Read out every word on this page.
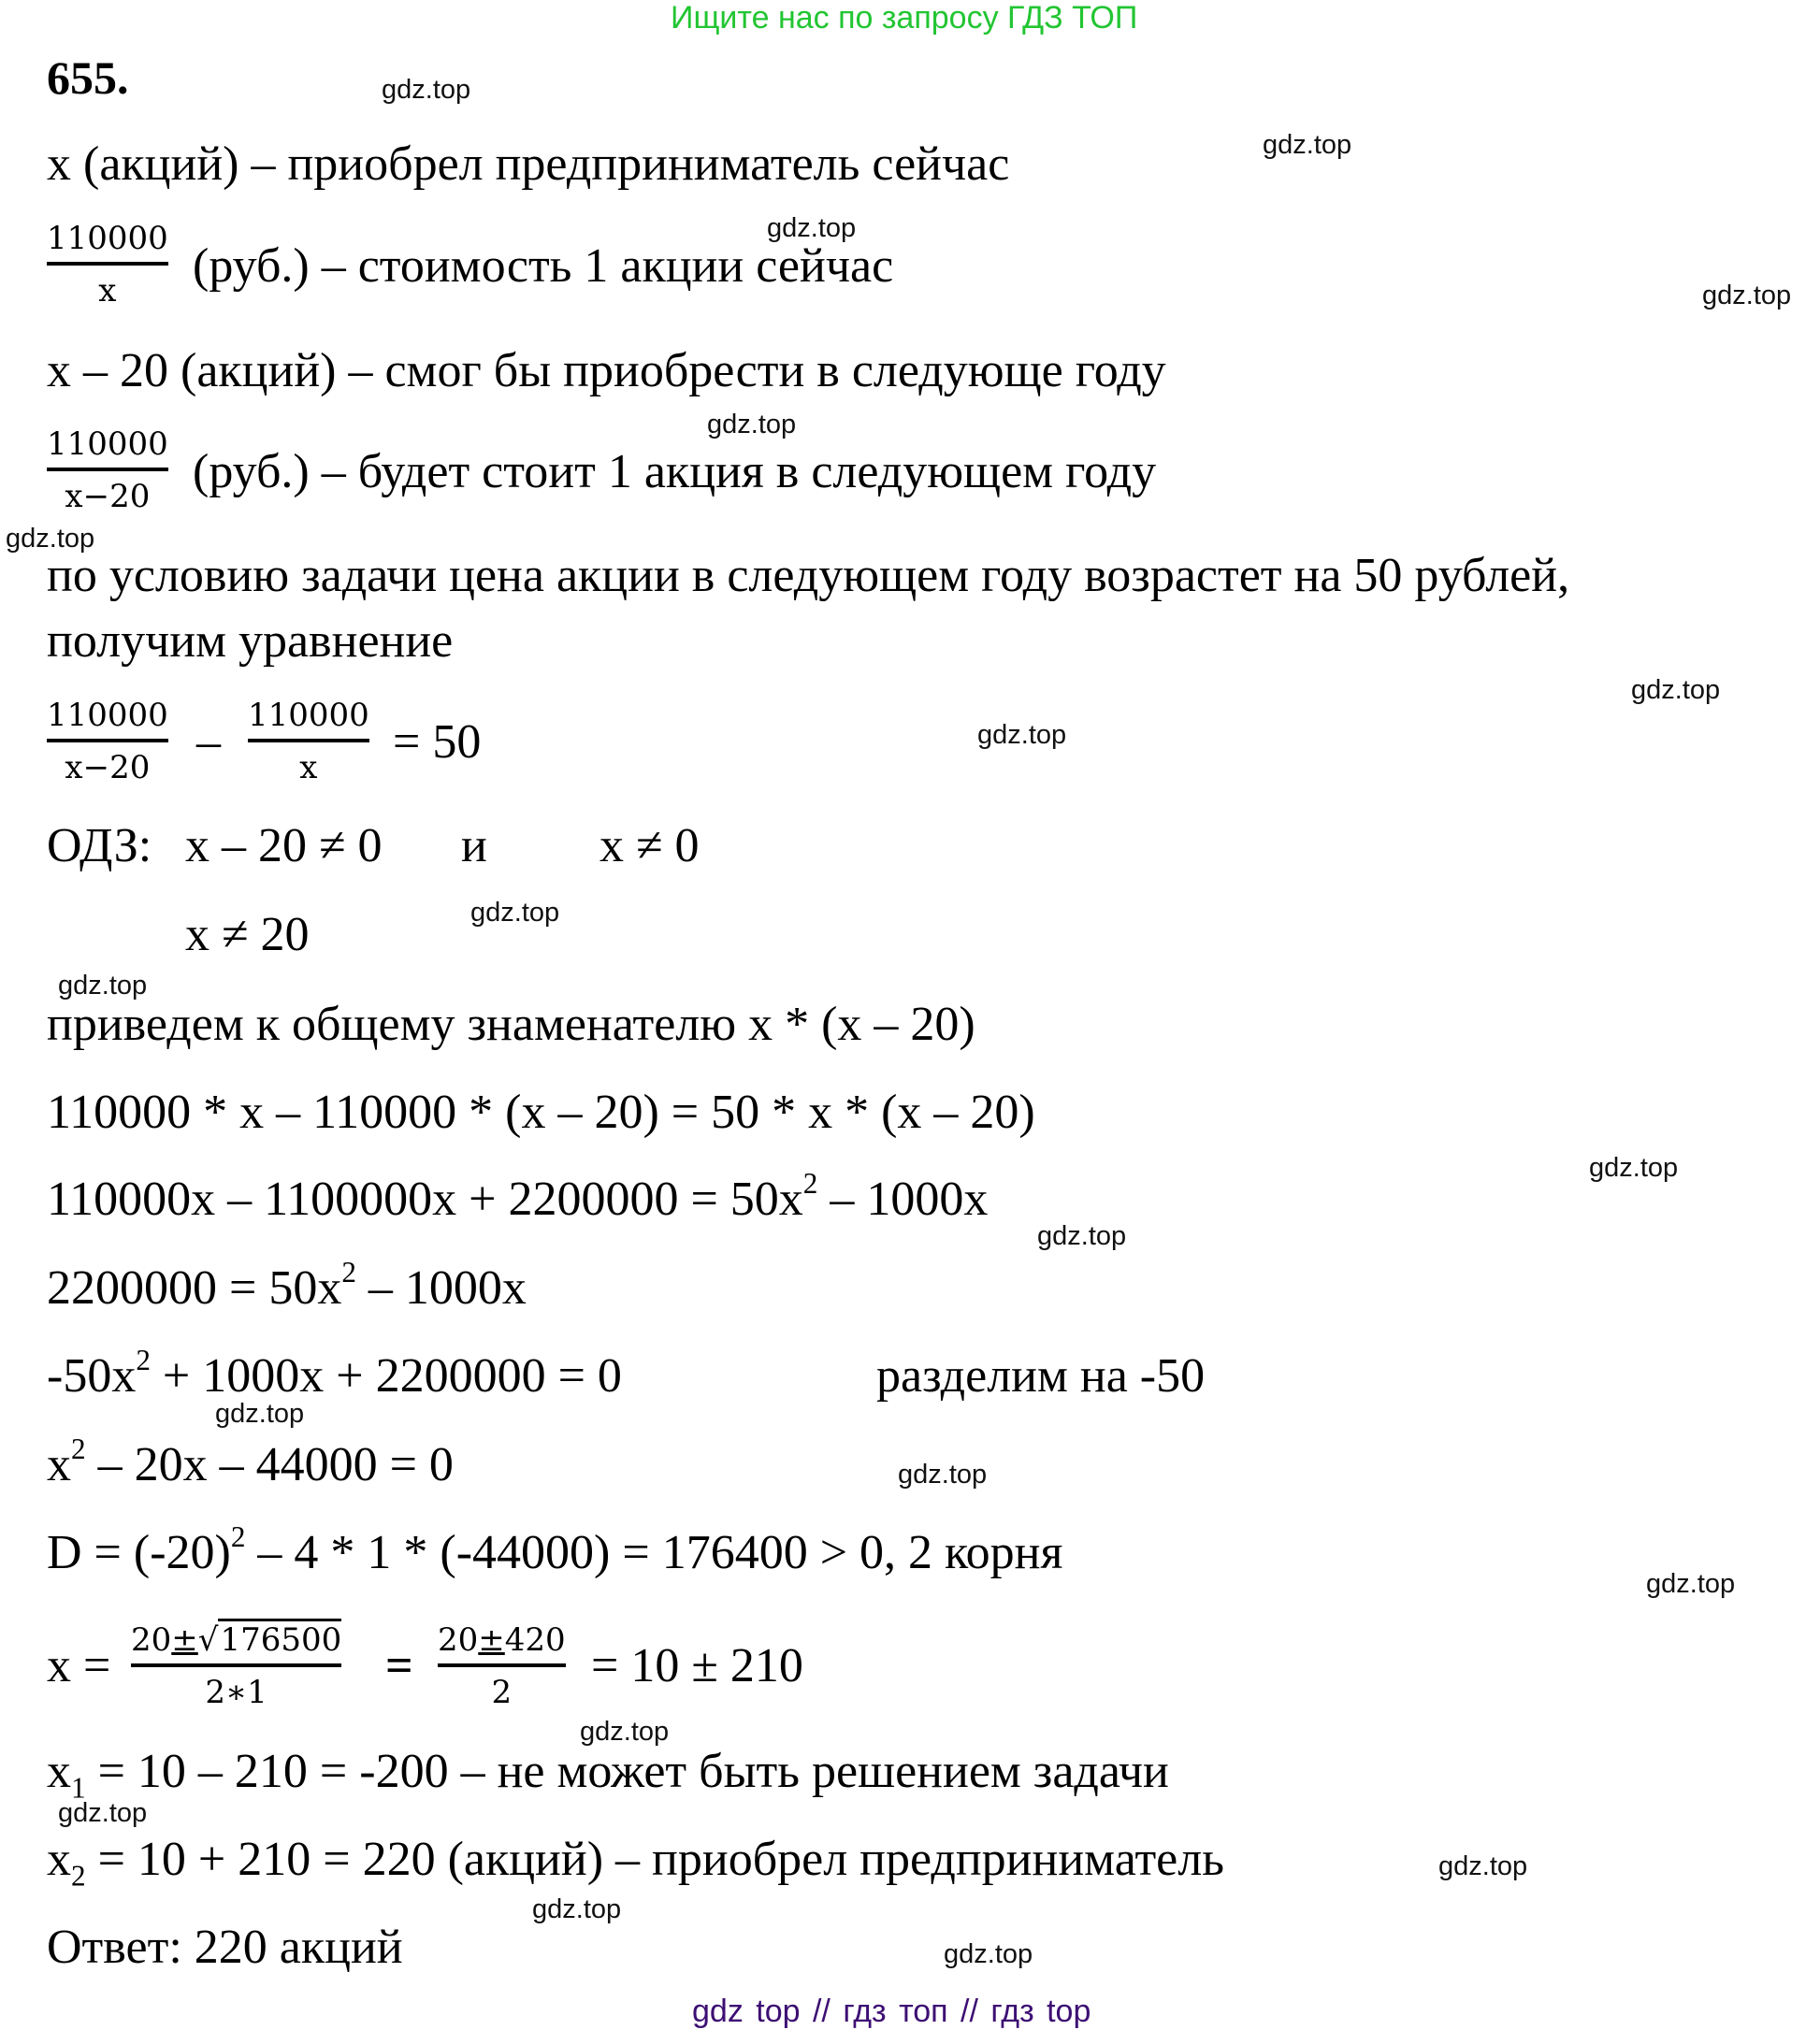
Ищите нас по запросу ГДЗ ТОП
655.
x (акций) – приобрел предприниматель сейчас
110000
x (руб.) – стоимость 1 акции сейчас
x – 20 (акций) – смог бы приобрести в следующе году
110000
x−20 (руб.) – будет стоит 1 акция в следующем году
по условию задачи цена акции в следующем году возрастет на 50 рублей,
получим уравнение
110000
x−20 – 110000
x = 50
ОДЗ: x – 20 ≠ 0 и x ≠ 0
x ≠ 20
приведем к общему знаменателю x * (x – 20)
110000 * x – 110000 * (x – 20) = 50 * x * (x – 20)
$110000x - 1100000x + 2200000 = 50x^2 - 1000x$
$2200000 = 50x^2 - 1000x$
$-50x^2 + 1000x + 2200000 = 0$	разделим на -50
$x^2 - 20x - 44000 = 0$
$D = (-20)^2 - 4 * 1 * (-44000) = 176400 > 0$, 2 корня
x = 20±√176500
2∗1 = 20±420
2 = 10 ± 210
$x_1 = 10 - 210 = -200$ – не может быть решением задачи
$x_2 = 10 + 210 = 220$ (акций) – приобрел предприниматель
Ответ: 220 акций
gdz.top
gdz.top
gdz.top
gdz.top
gdz.top
gdz.top
gdz.top
gdz.top
gdz.top
gdz.top
gdz.top
gdz.top
gdz.top
gdz.top
gdz.top
gdz.top
gdz.top
gdz.top
gdz.top
gdz.top
gdz top // гдз топ // гдз top
